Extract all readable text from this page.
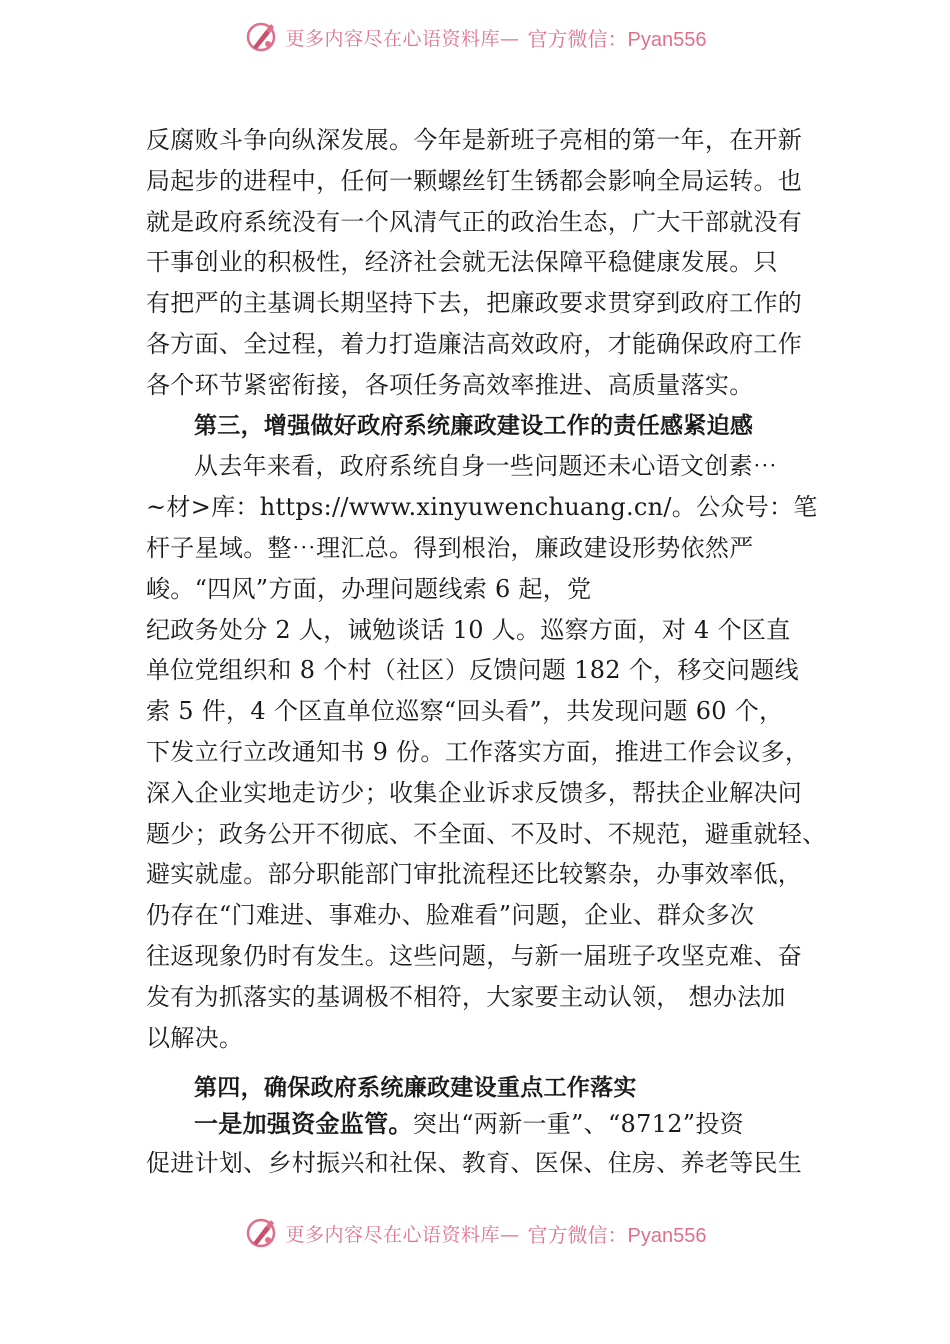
更多内容尽在心语资料库— 官方微信：Pyan556
反腐败斗争向纵深发展。今年是新班子亮相的第一年，在开新
局起步的进程中，任何一颗螺丝钉生锈都会影响全局运转。也
就是政府系统没有一个风清气正的政治生态，广大干部就没有
干事创业的积极性，经济社会就无法保障平稳健康发展。只
有把严的主基调长期坚持下去，把廉政要求贯穿到政府工作的
各方面、全过程，着力打造廉洁高效政府，才能确保政府工作
各个环节紧密衔接，各项任务高效率推进、高质量落实。
第三，增强做好政府系统廉政建设工作的责任感紧迫感
从去年来看，政府系统自身一些问题还未心语文创素⋯
~材>库：https://www.xinyuwenchuang.cn/。公众号：笔
杆子星域。整⋯理汇总。得到根治，廉政建设形势依然严
峻。“四风”方面，办理问题线索 6 起，党
纪政务处分 2 人，诫勉谈话 10 人。巡察方面，对 4 个区直
单位党组织和 8 个村（社区）反馈问题 182 个，移交问题线
索 5 件，4 个区直单位巡察“回头看”，共发现问题 60 个，
下发立行立改通知书 9 份。工作落实方面，推进工作会议多，
深入企业实地走访少；收集企业诉求反馈多，帮扶企业解决问
题少；政务公开不彻底、不全面、不及时、不规范，避重就轻、
避实就虚。部分职能部门审批流程还比较繁杂，办事效率低，
仍存在“门难进、事难办、脸难看”问题，企业、群众多次
往返现象仍时有发生。这些问题，与新一届班子攻坚克难、奋
发有为抓落实的基调极不相符，大家要主动认领， 想办法加
以解决。
第四，确保政府系统廉政建设重点工作落实
一是加强资金监管。突出“两新一重”、“8712”投资
促进计划、乡村振兴和社保、教育、医保、住房、养老等民生
更多内容尽在心语资料库— 官方微信：Pyan556
